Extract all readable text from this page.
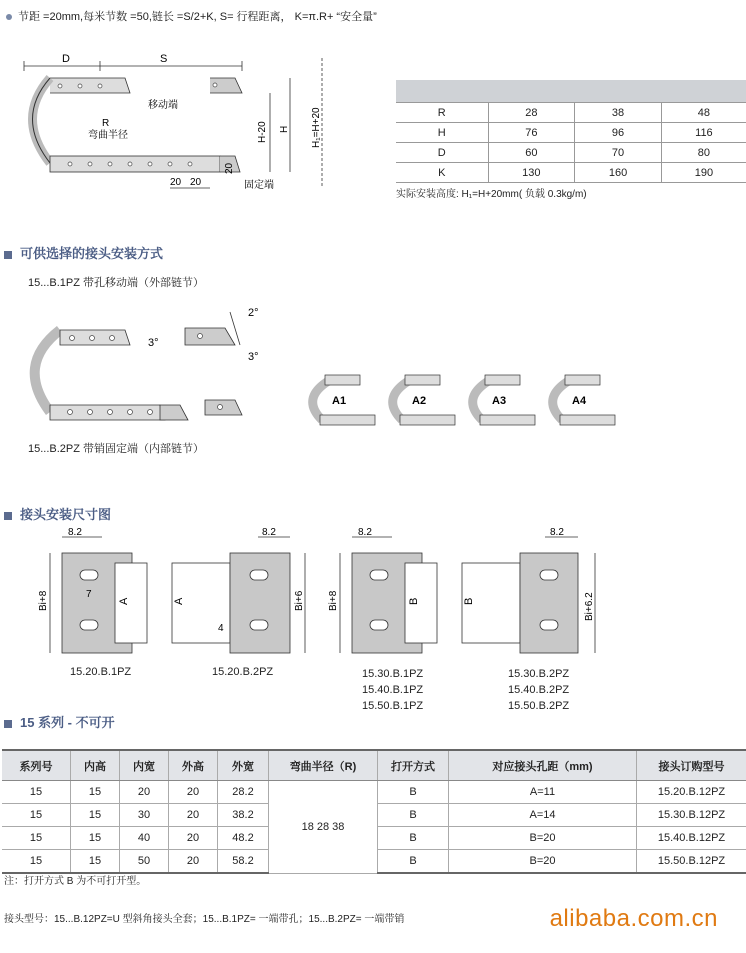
节距 =20mm,每米节数 =50,链长 =S/2+K, S= 行程距离， K=π.R+ “安全量”
D	S
R
移动端
弯曲半径	H-20 H H₁=H+20
20 20
20
固定端

R	28	38	48
H	76	96	116
D	60	70	80
K	130	160	190
实际安装高度: H₁=H+20mm( 负载 0.3kg/m)
可供选择的接头安装方式
15...B.1PZ 带孔移动端（外部链节）
3°
2°
3°
A1	A2	A3	A4
15...B.2PZ 带销固定端（内部链节）
接头安装尺寸图
8.2	8.2
7
4
Bi+8	Bi+6
A	A
8.2	8.2
Bi+8	Bi+6.2
B	B
15.20.B.1PZ	15.20.B.2PZ	15.30.B.1PZ
15.40.B.1PZ
15.50.B.1PZ
15.30.B.2PZ
15.40.B.2PZ
15.50.B.2PZ
15 系列 - 不可开
系列号	内高	内宽	外高	外宽	弯曲半径（R)	打开方式	对应接头孔距（mm)	接头订购型号
15	15	20	20	28.2	18 28 38	B	A=11	15.20.B.12PZ
15	15	30	20	38.2		B	A=14	15.30.B.12PZ
15	15	40	20	48.2		B	B=20	15.40.B.12PZ
15	15	50	20	58.2		B	B=20	15.50.B.12PZ
注：打开方式 B 为不可打开型。
接头型号：15...B.12PZ=U 型斜角接头全套；15...B.1PZ= 一端带孔；15...B.2PZ= 一端带销	alibaba.com.cn
